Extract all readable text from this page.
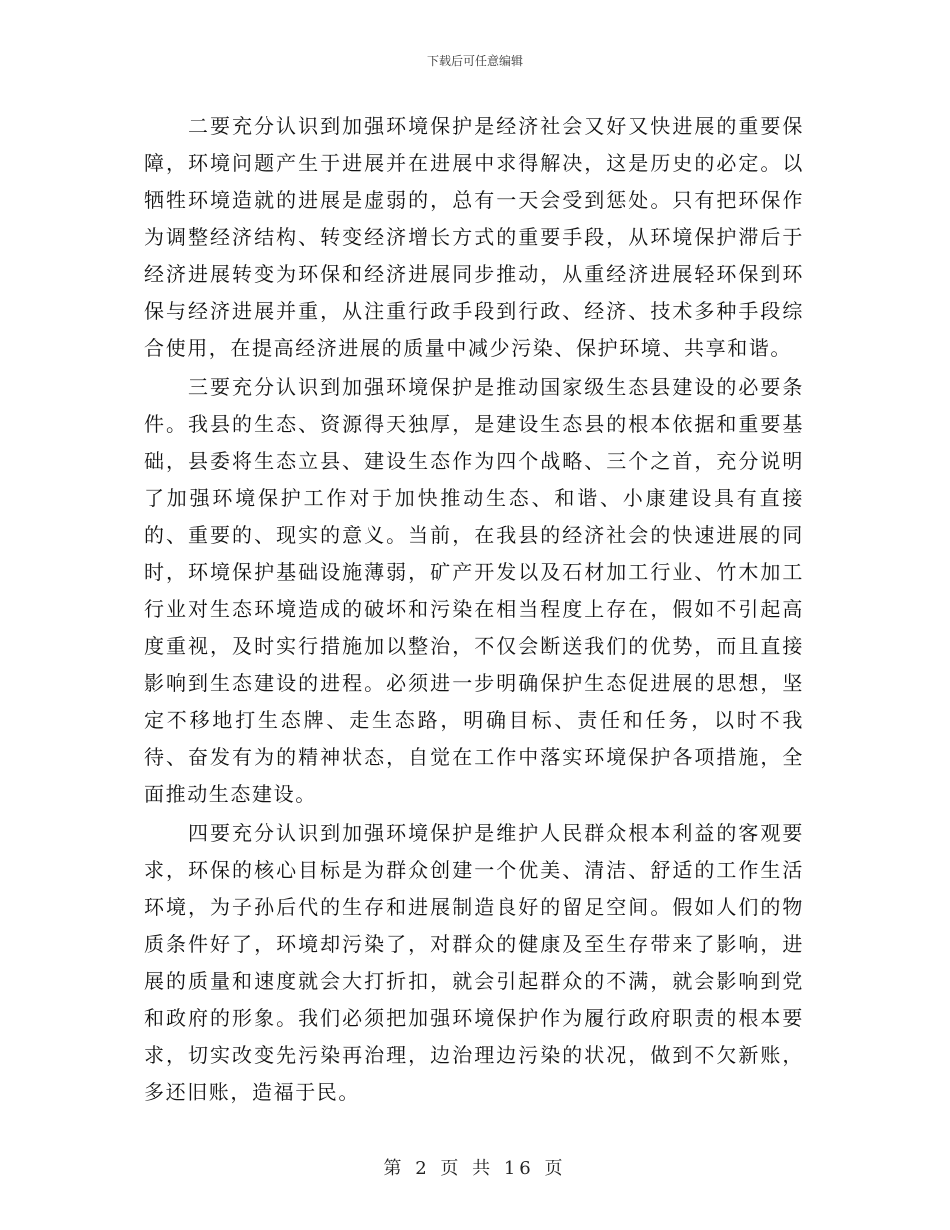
下载后可任意编辑

二要充分认识到加强环境保护是经济社会又好又快进展的重要保障，环境问题产生于进展并在进展中求得解决，这是历史的必定。以牺牲环境造就的进展是虚弱的，总有一天会受到惩处。只有把环保作为调整经济结构、转变经济增长方式的重要手段，从环境保护滞后于经济进展转变为环保和经济进展同步推动，从重经济进展轻环保到环保与经济进展并重，从注重行政手段到行政、经济、技术多种手段综合使用，在提高经济进展的质量中减少污染、保护环境、共享和谐。

三要充分认识到加强环境保护是推动国家级生态县建设的必要条件。我县的生态、资源得天独厚，是建设生态县的根本依据和重要基础，县委将生态立县、建设生态作为四个战略、三个之首，充分说明了加强环境保护工作对于加快推动生态、和谐、小康建设具有直接的、重要的、现实的意义。当前，在我县的经济社会的快速进展的同时，环境保护基础设施薄弱，矿产开发以及石材加工行业、竹木加工行业对生态环境造成的破坏和污染在相当程度上存在，假如不引起高度重视，及时实行措施加以整治，不仅会断送我们的优势，而且直接影响到生态建设的进程。必须进一步明确保护生态促进展的思想，坚定不移地打生态牌、走生态路，明确目标、责任和任务，以时不我待、奋发有为的精神状态，自觉在工作中落实环境保护各项措施，全面推动生态建设。

四要充分认识到加强环境保护是维护人民群众根本利益的客观要求，环保的核心目标是为群众创建一个优美、清洁、舒适的工作生活环境，为子孙后代的生存和进展制造良好的留足空间。假如人们的物质条件好了，环境却污染了，对群众的健康及至生存带来了影响，进展的质量和速度就会大打折扣，就会引起群众的不满，就会影响到党和政府的形象。我们必须把加强环境保护作为履行政府职责的根本要求，切实改变先污染再治理，边治理边污染的状况，做到不欠新账，多还旧账，造福于民。

第 2 页 共 16 页
